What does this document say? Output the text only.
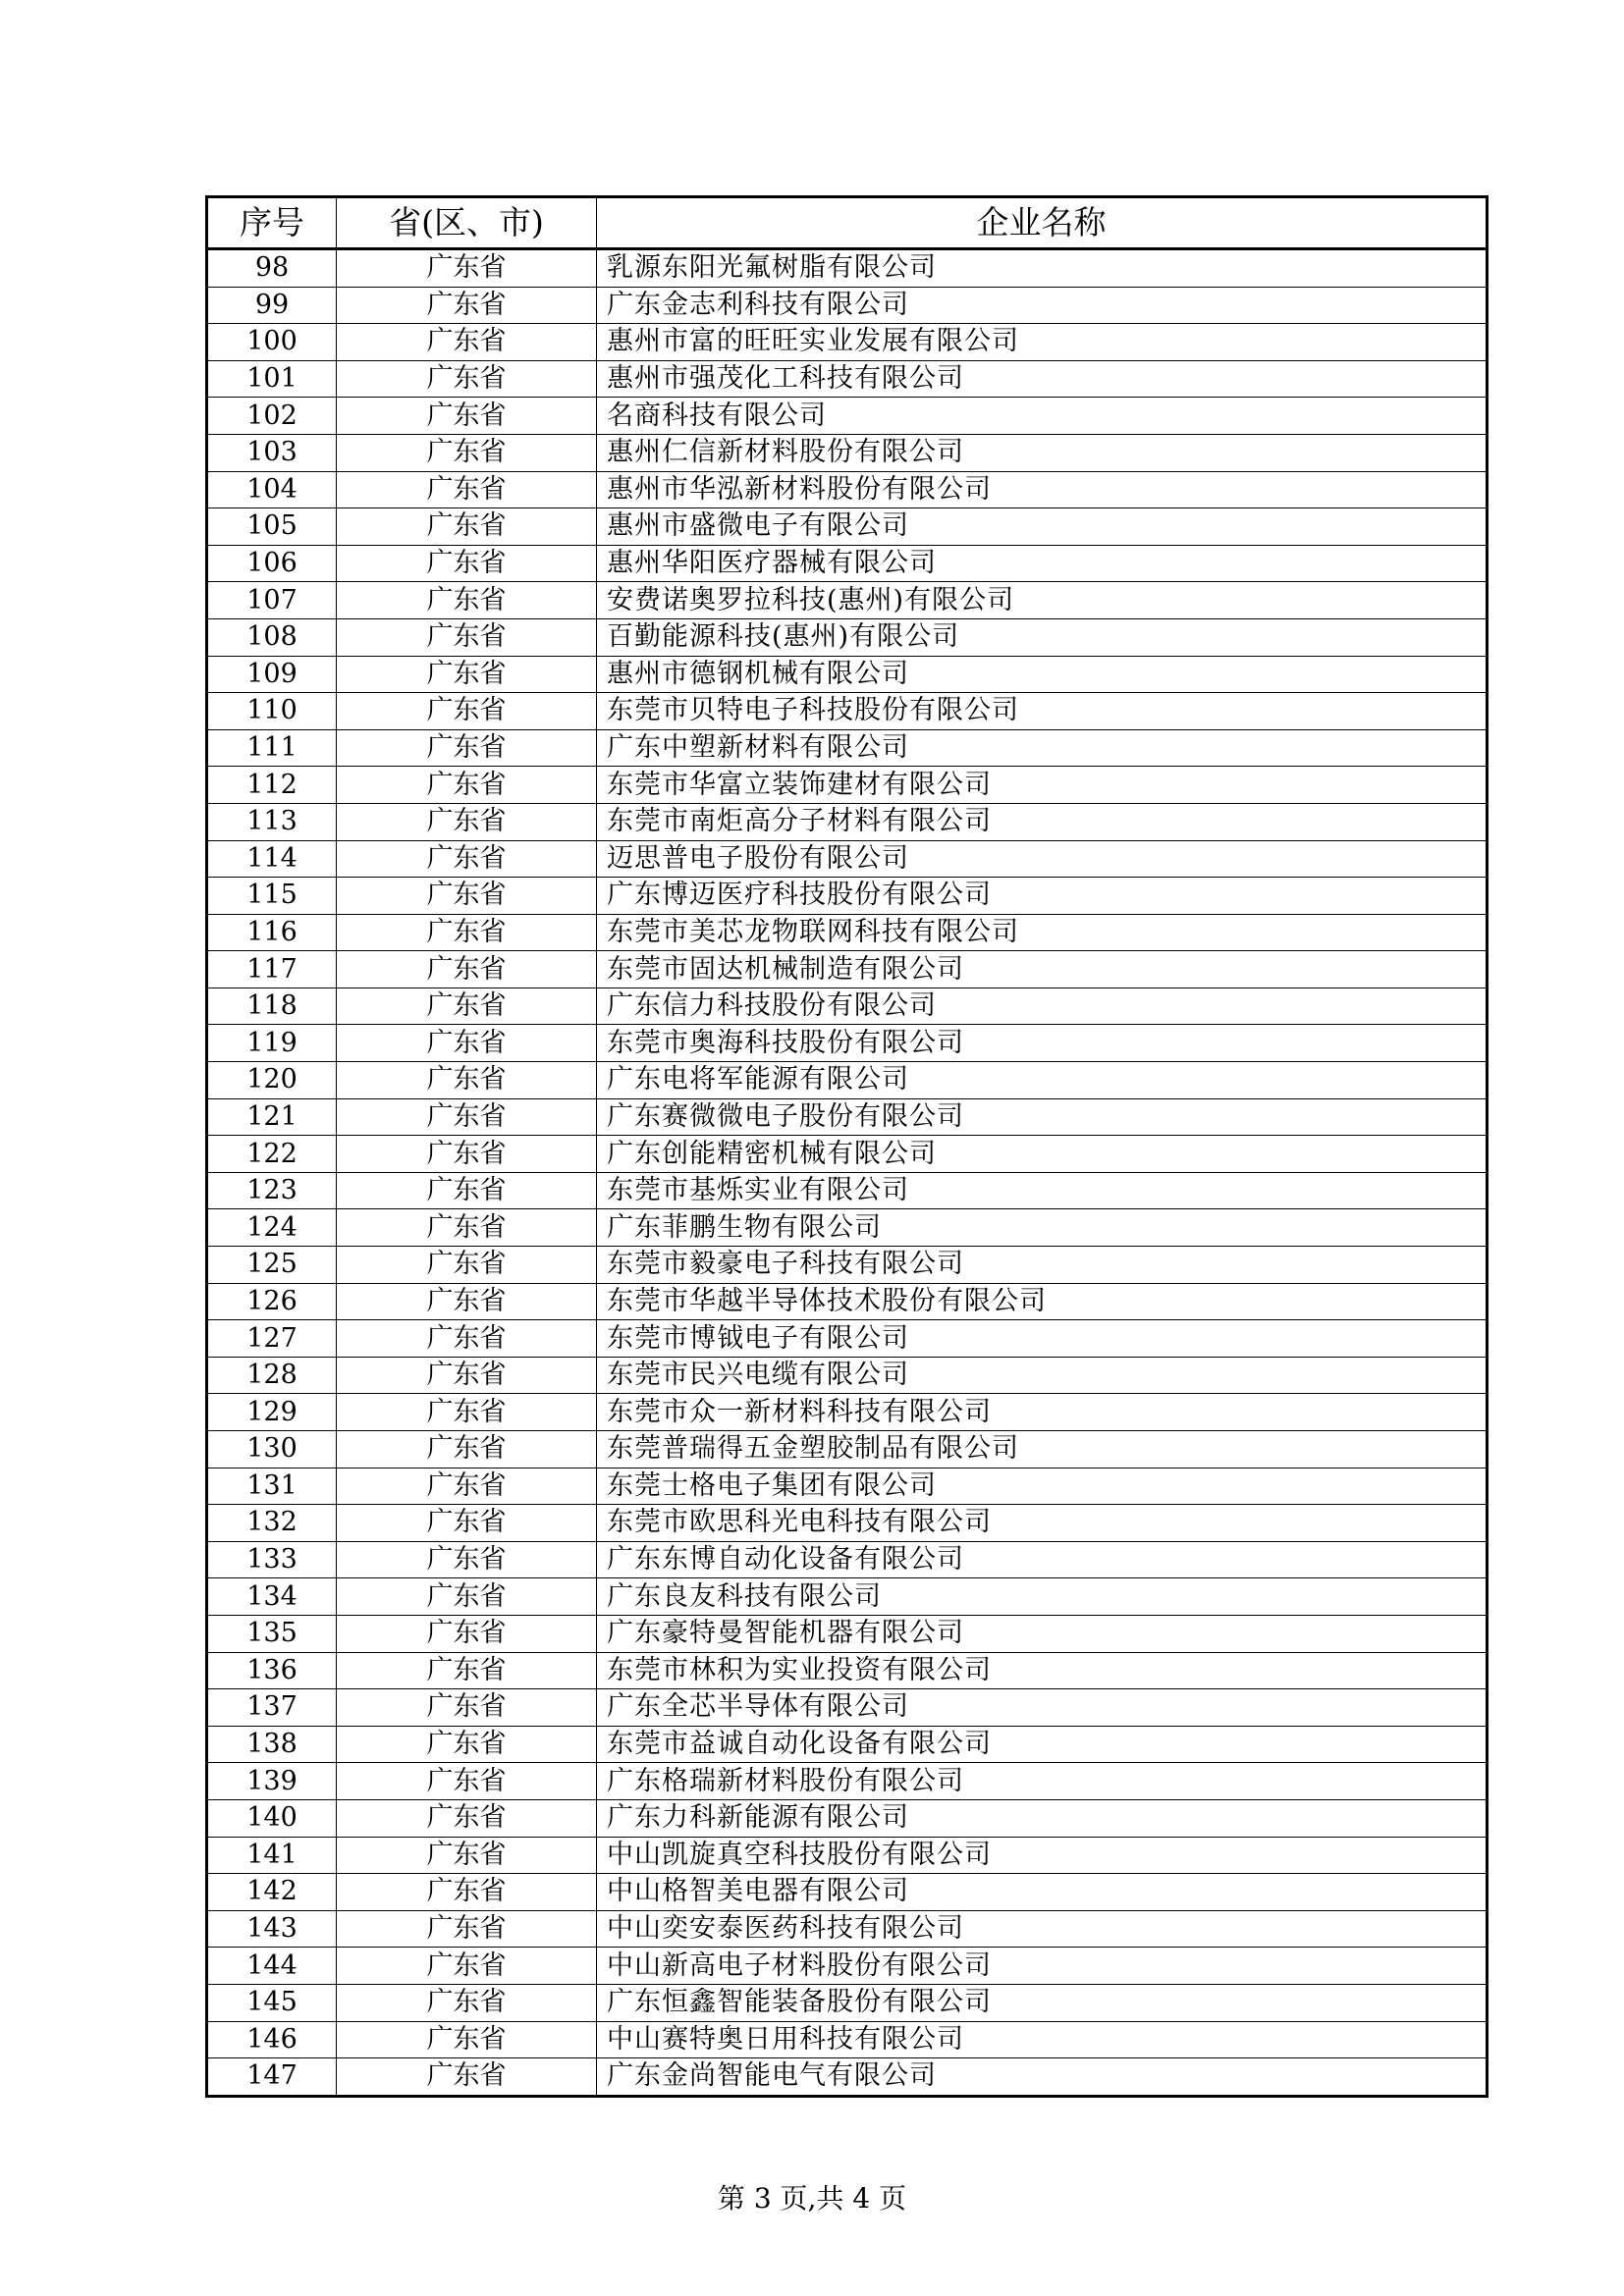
序号	省(区、市)	企业名称
98	广东省	乳源东阳光氟树脂有限公司
99	广东省	广东金志利科技有限公司
100	广东省	惠州市富的旺旺实业发展有限公司
101	广东省	惠州市强茂化工科技有限公司
102	广东省	名商科技有限公司
103	广东省	惠州仁信新材料股份有限公司
104	广东省	惠州市华泓新材料股份有限公司
105	广东省	惠州市盛微电子有限公司
106	广东省	惠州华阳医疗器械有限公司
107	广东省	安费诺奥罗拉科技(惠州)有限公司
108	广东省	百勤能源科技(惠州)有限公司
109	广东省	惠州市德钢机械有限公司
110	广东省	东莞市贝特电子科技股份有限公司
111	广东省	广东中塑新材料有限公司
112	广东省	东莞市华富立装饰建材有限公司
113	广东省	东莞市南炬高分子材料有限公司
114	广东省	迈思普电子股份有限公司
115	广东省	广东博迈医疗科技股份有限公司
116	广东省	东莞市美芯龙物联网科技有限公司
117	广东省	东莞市固达机械制造有限公司
118	广东省	广东信力科技股份有限公司
119	广东省	东莞市奥海科技股份有限公司
120	广东省	广东电将军能源有限公司
121	广东省	广东赛微微电子股份有限公司
122	广东省	广东创能精密机械有限公司
123	广东省	东莞市基烁实业有限公司
124	广东省	广东菲鹏生物有限公司
125	广东省	东莞市毅豪电子科技有限公司
126	广东省	东莞市华越半导体技术股份有限公司
127	广东省	东莞市博钺电子有限公司
128	广东省	东莞市民兴电缆有限公司
129	广东省	东莞市众一新材料科技有限公司
130	广东省	东莞普瑞得五金塑胶制品有限公司
131	广东省	东莞士格电子集团有限公司
132	广东省	东莞市欧思科光电科技有限公司
133	广东省	广东东博自动化设备有限公司
134	广东省	广东良友科技有限公司
135	广东省	广东豪特曼智能机器有限公司
136	广东省	东莞市林积为实业投资有限公司
137	广东省	广东全芯半导体有限公司
138	广东省	东莞市益诚自动化设备有限公司
139	广东省	广东格瑞新材料股份有限公司
140	广东省	广东力科新能源有限公司
141	广东省	中山凯旋真空科技股份有限公司
142	广东省	中山格智美电器有限公司
143	广东省	中山奕安泰医药科技有限公司
144	广东省	中山新高电子材料股份有限公司
145	广东省	广东恒鑫智能装备股份有限公司
146	广东省	中山赛特奥日用科技有限公司
147	广东省	广东金尚智能电气有限公司
第 3 页,共 4 页
